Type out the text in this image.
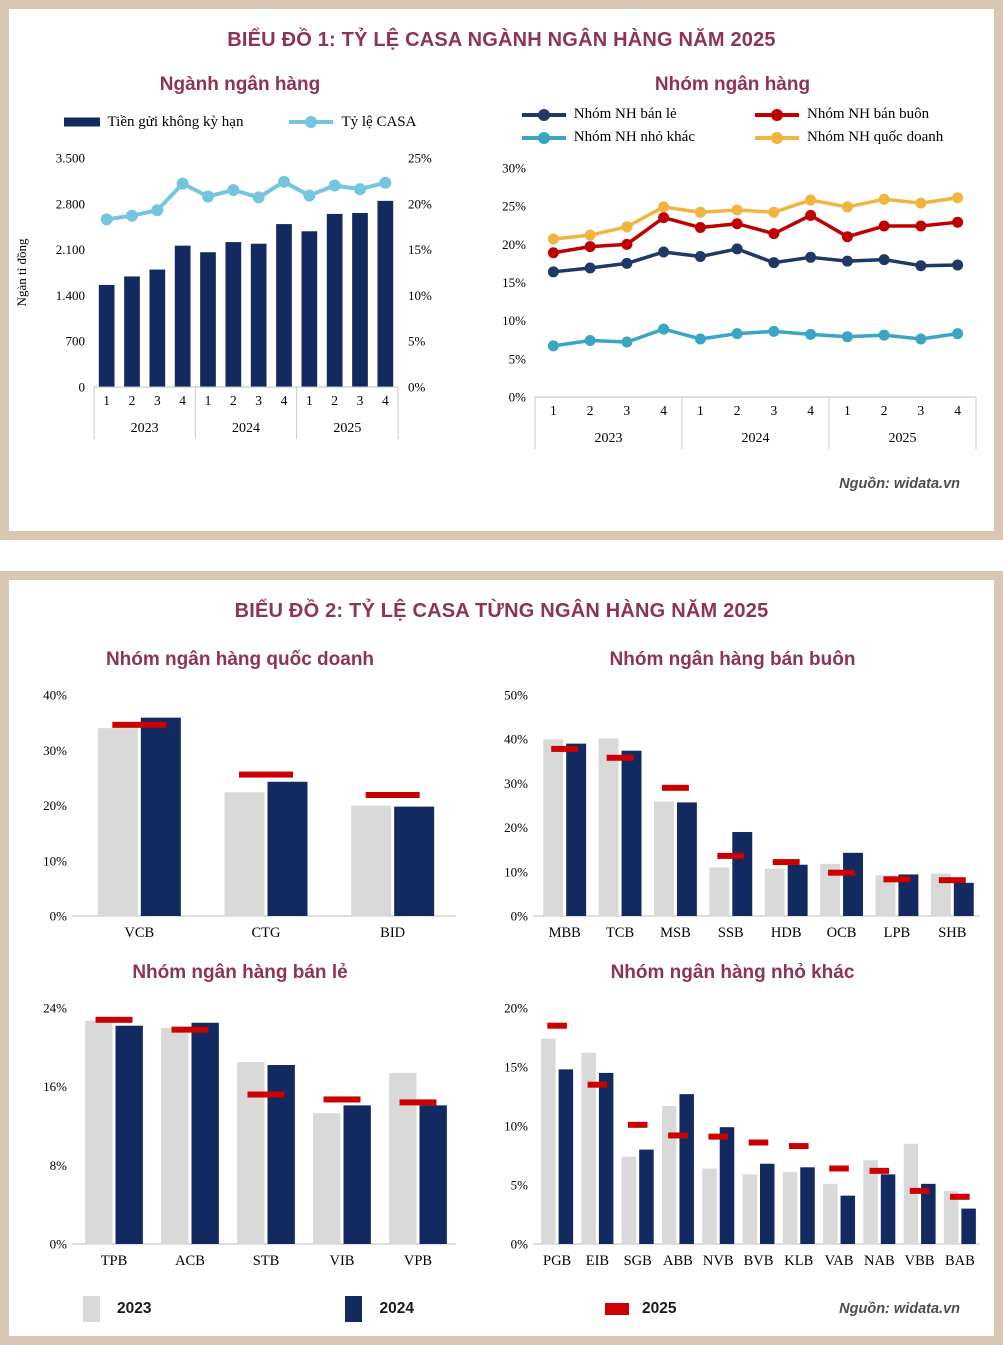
BIỂU ĐỒ 1: TỶ LỆ CASA NGÀNH NGÂN HÀNG NĂM 2025
Ngành ngân hàng
Tiền gửi không kỳ hạn	Tỷ lệ CASA
0
700
1.400
2.100
2.800
3.500
0%
5%
10%
15%
20%
25%
Ngàn tỉ đồng
1 2 3 4 1 2 3 4 1 2 3 4
2023	2024	2025
Nhóm ngân hàng
Nhóm NH bán lẻ	Nhóm NH bán buôn
Nhóm NH nhỏ khác	Nhóm NH quốc doanh
0%
5%
10%
15%
20%
25%
30%
1 2 3 4 1 2 3 4 1 2 3 4
2023	2024	2025
Nguồn: widata.vn
BIỂU ĐỒ 2: TỶ LỆ CASA TỪNG NGÂN HÀNG NĂM 2025
Nhóm ngân hàng quốc doanh
0%
10%
20%
30%
40%
VCB	CTG	BID
Nhóm ngân hàng bán buôn
0%
10%
20%
30%
40%
50%
MBB TCB MSB SSB HDB OCB LPB SHB
Nhóm ngân hàng bán lẻ
0%
8%
16%
24%
TPB	ACB	STB	VIB	VPB
Nhóm ngân hàng nhỏ khác
0%
5%
10%
15%
20%
PGB EIB SGB ABB NVB BVB KLB VAB NAB VBB BAB
2023	2024	2025	Nguồn: widata.vn
